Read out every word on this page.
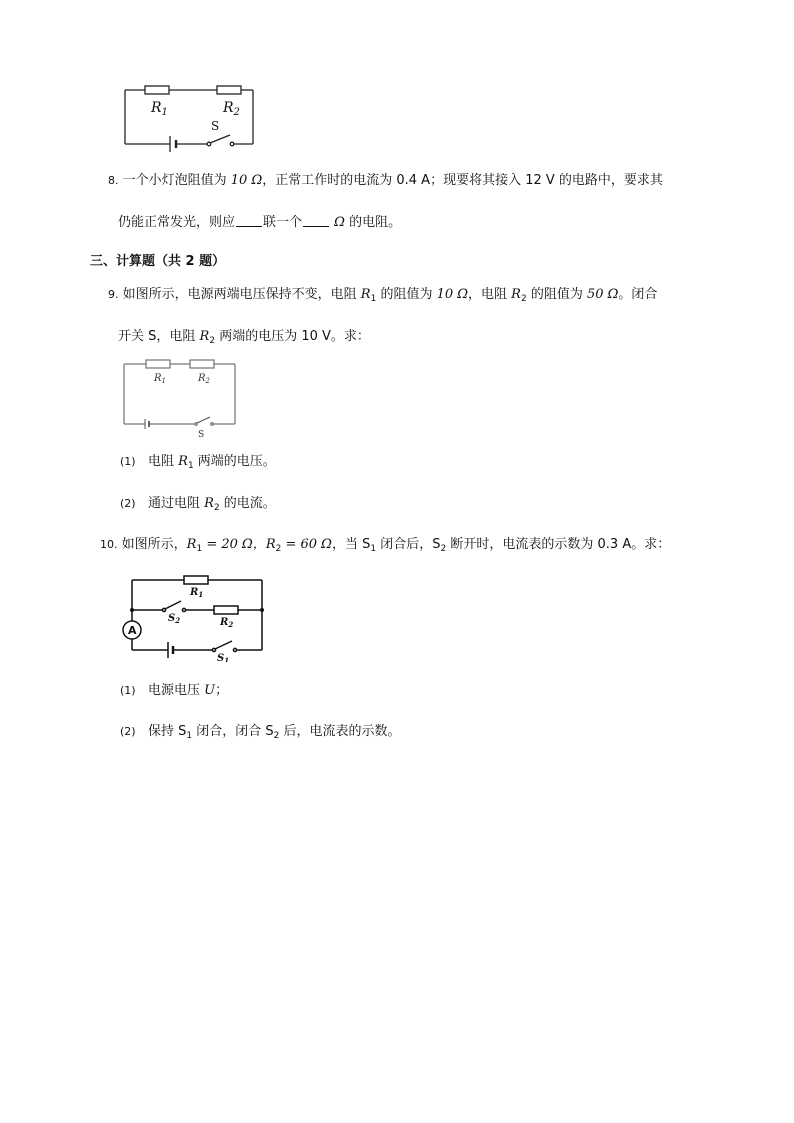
$R_1$	$R_2$
S
8. 一个小灯泡阻值为 10 Ω，正常工作时的电流为 0.4 A；现要将其接入 12 V 的电路中，要求其
仍能正常发光，则应 联一个 Ω 的电阻。
三、计算题（共 2 题）
9. 如图所示，电源两端电压保持不变，电阻 $R_1$ 的阻值为 10 Ω，电阻 $R_2$ 的阻值为 50 Ω。闭合
开关 S，电阻 $R_2$ 两端的电压为 10 V。求：
$R_1$	$R_2$
S
(1) 电阻 $R_1$ 两端的电压。
(2) 通过电阻 $R_2$ 的电流。
10. 如图所示，$R_1 = 20$ Ω，$R_2 = 60$ Ω，当 $S_1$ 闭合后，$S_2$ 断开时，电流表的示数为 0.3 A。求：
A
$R_1$
$S_2$	$R_2$
$S_1$
(1) 电源电压 U；
(2) 保持 $S_1$ 闭合，闭合 $S_2$ 后，电流表的示数。
